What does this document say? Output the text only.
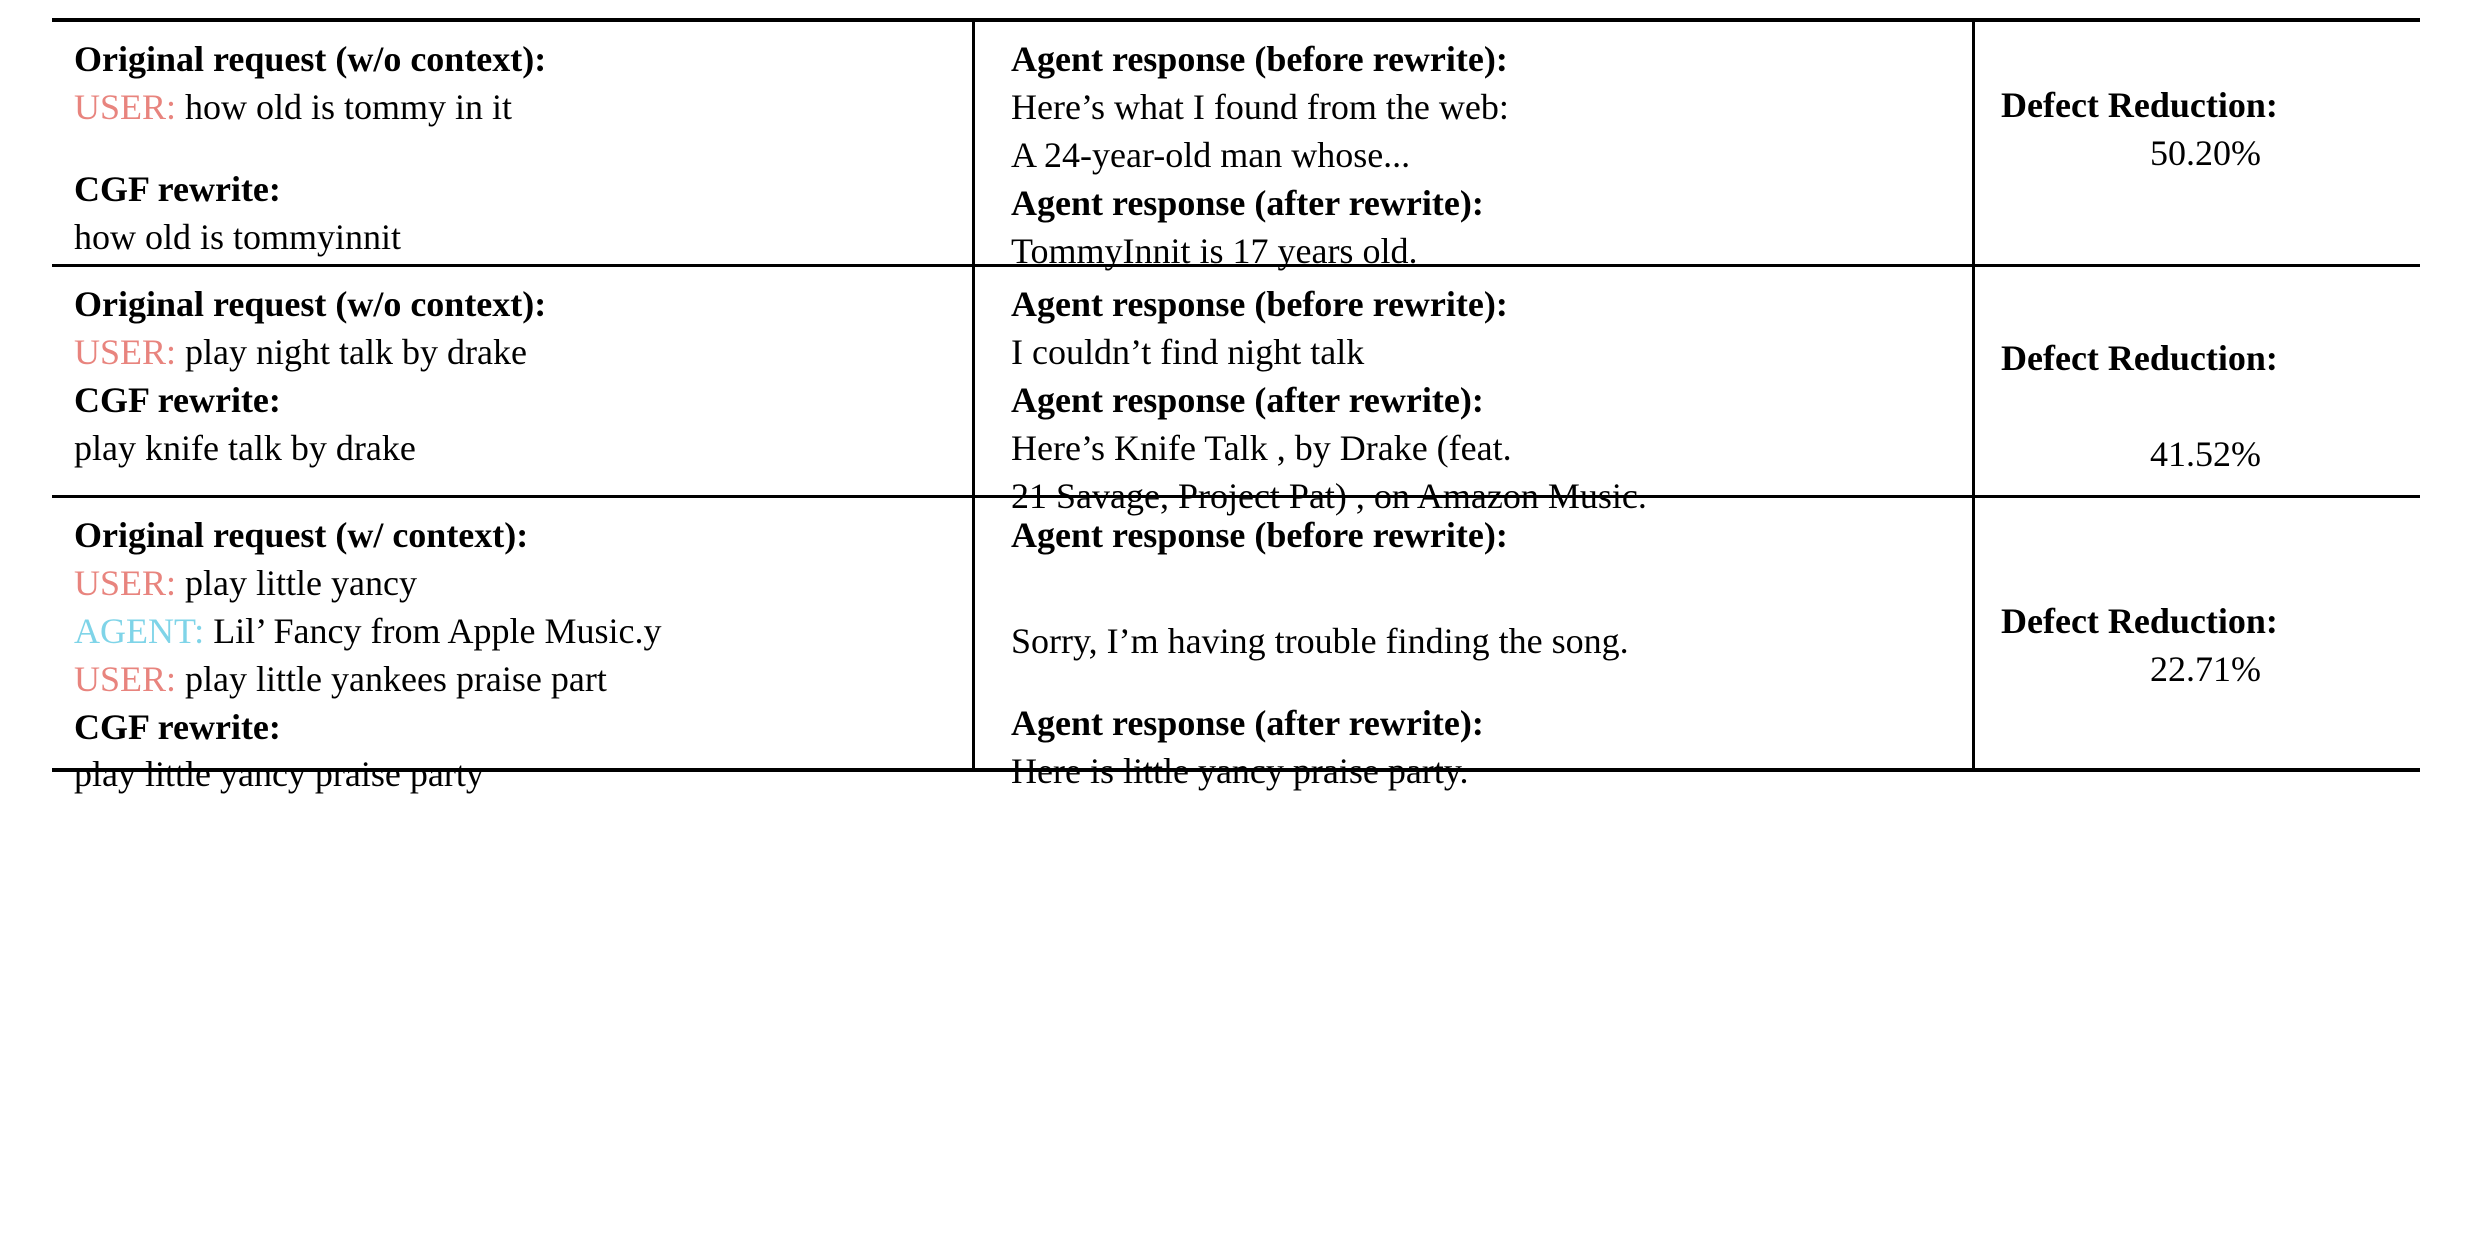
Original request (w/o context):
USER: how old is tommy in it
CGF rewrite:
how old is tommyinnit

Agent response (before rewrite):
Here’s what I found from the web:
A 24-year-old man whose...
Agent response (after rewrite):
TommyInnit is 17 years old.

Defect Reduction:
50.20%

Original request (w/o context):
USER: play night talk by drake
CGF rewrite:
play knife talk by drake

Agent response (before rewrite):
I couldn’t find night talk
Agent response (after rewrite):
Here’s Knife Talk , by Drake (feat.
21 Savage, Project Pat) , on Amazon Music.

Defect Reduction:
41.52%

Original request (w/ context):
USER: play little yancy
AGENT: Lil’ Fancy from Apple Music.y
USER: play little yankees praise part
CGF rewrite:
play little yancy praise party

Agent response (before rewrite):
Sorry, I’m having trouble finding the song.
Agent response (after rewrite):
Here is little yancy praise party.

Defect Reduction:
22.71%
